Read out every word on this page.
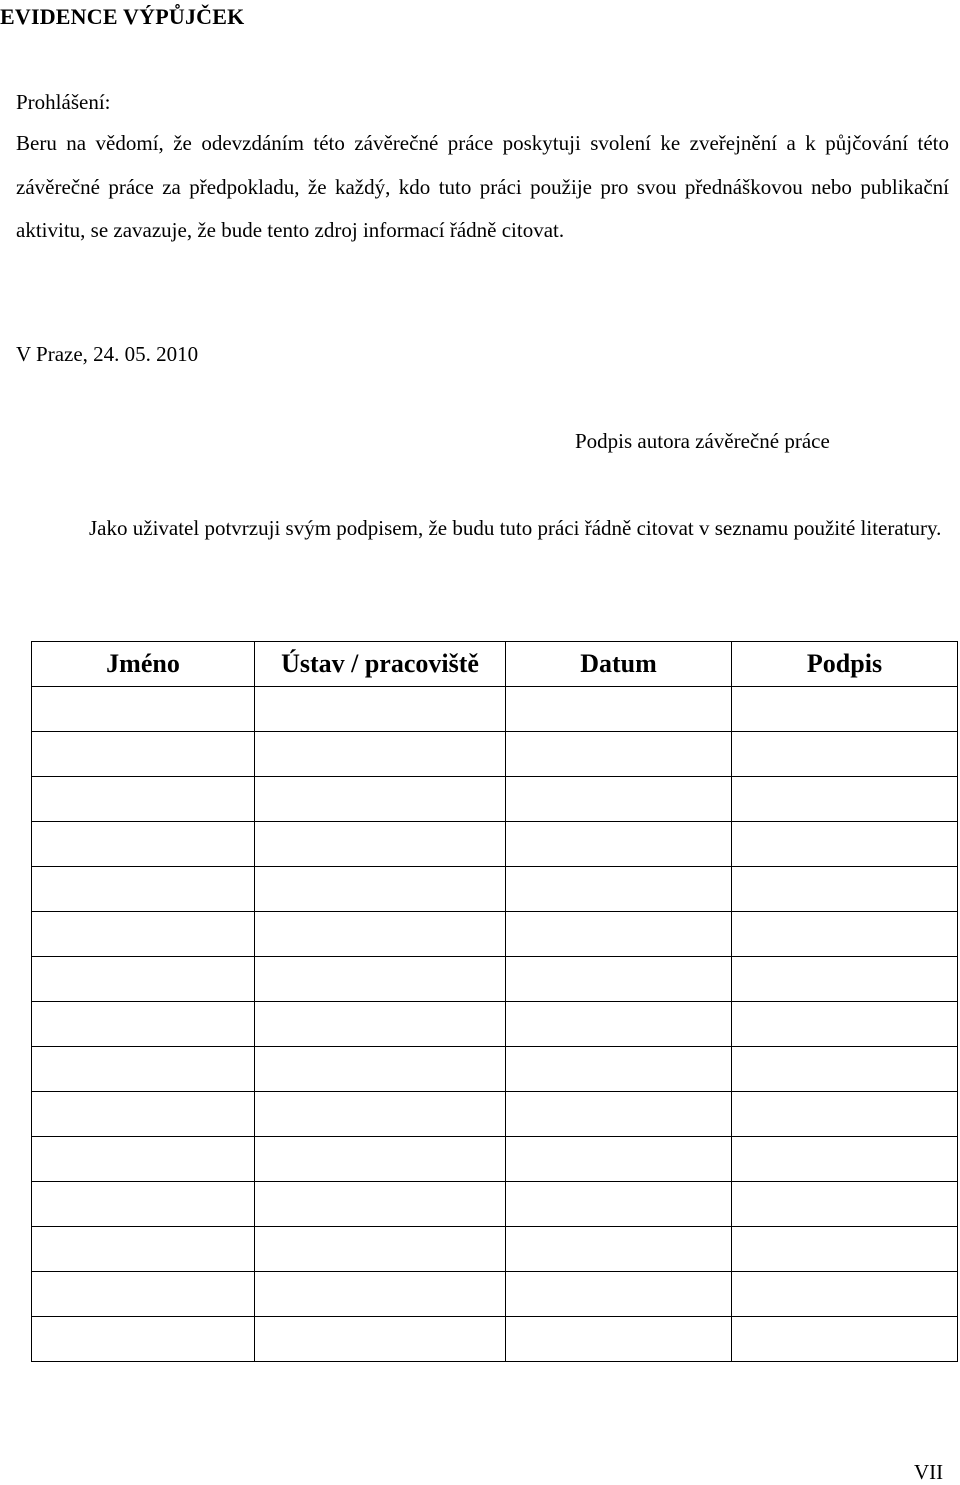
EVIDENCE VÝPŮJČEK
Prohlášení:
Beru na vědomí, že odevzdáním této závěrečné práce poskytuji svolení ke zveřejnění a k půjčování této závěrečné práce za předpokladu, že každý, kdo tuto práci použije pro svou přednáškovou nebo publikační aktivitu, se zavazuje, že bude tento zdroj informací řádně citovat.
V Praze, 24. 05. 2010
Podpis autora závěrečné práce
Jako uživatel potvrzuji svým podpisem, že budu tuto práci řádně citovat v seznamu použité literatury.
Jméno	Ústav / pracoviště	Datum	Podpis

VII
